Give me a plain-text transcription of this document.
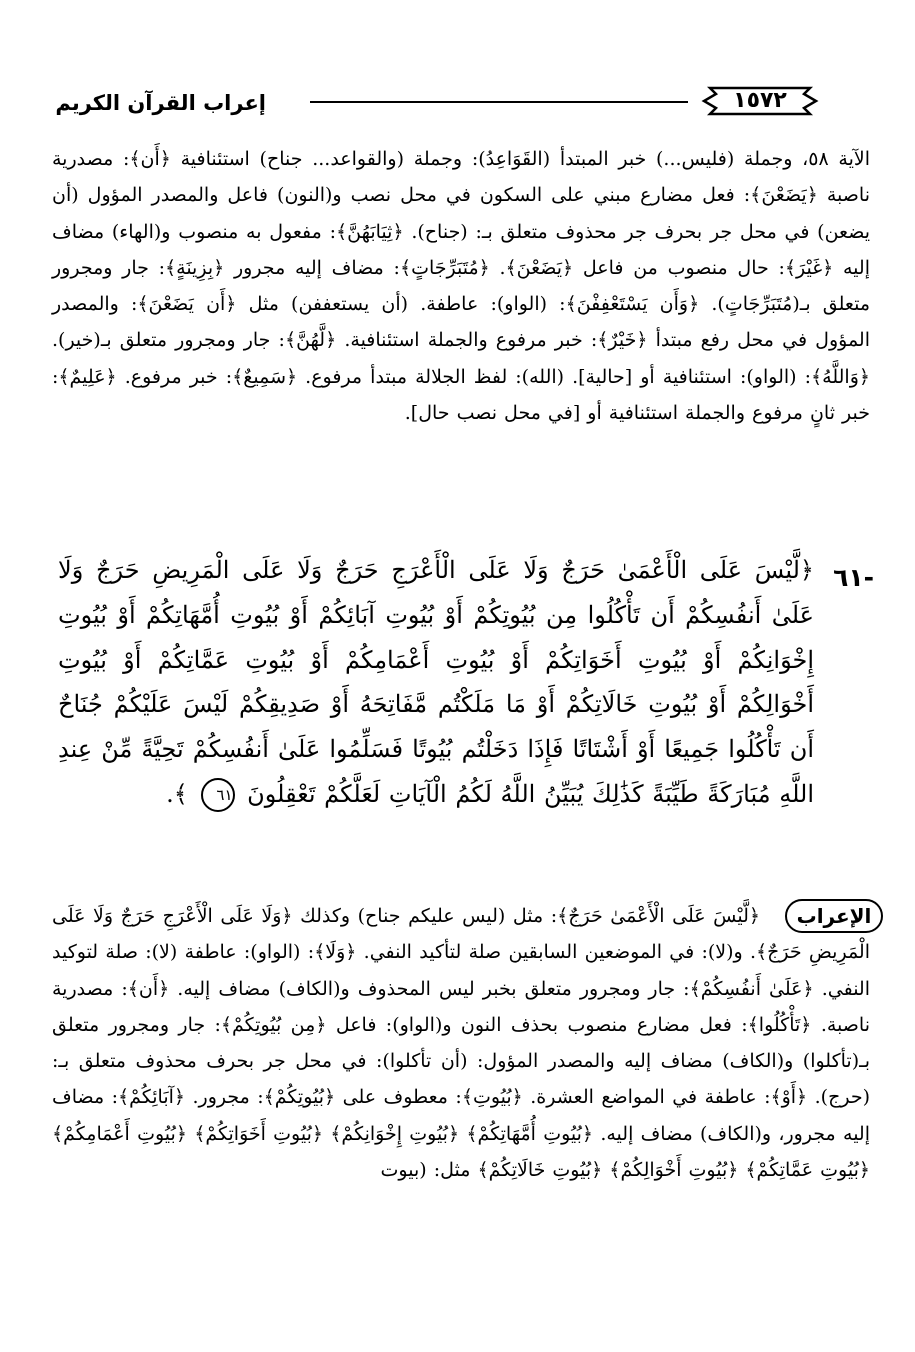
إعراب القرآن الكريم	١٥٧٢

الآية ٥٨، وجملة (فليس...) خبر المبتدأ (القَوَاعِدُ): وجملة (والقواعد... جناح) استئنافية ﴿أَن﴾: مصدرية ناصبة ﴿يَضَعْنَ﴾: فعل مضارع مبني على السكون في محل نصب و(النون) فاعل والمصدر المؤول (أن يضعن) في محل جر بحرف جر محذوف متعلق بـ: (جناح). ﴿ثِيَابَهُنَّ﴾: مفعول به منصوب و(الهاء) مضاف إليه ﴿غَيْرَ﴾: حال منصوب من فاعل ﴿يَضَعْنَ﴾. ﴿مُتَبَرِّجَاتٍ﴾: مضاف إليه مجرور ﴿بِزِينَةٍ﴾: جار ومجرور متعلق بـ(مُتَبَرِّجَاتٍ). ﴿وَأَن يَسْتَعْفِفْنَ﴾: (الواو): عاطفة. (أن يستعففن) مثل ﴿أَن يَضَعْنَ﴾: والمصدر المؤول في محل رفع مبتدأ ﴿خَيْرٌ﴾: خبر مرفوع والجملة استئنافية. ﴿لَّهُنَّ﴾: جار ومجرور متعلق بـ(خير). ﴿وَاللَّهُ﴾: (الواو): استئنافية أو [حالية]. (الله): لفظ الجلالة مبتدأ مرفوع. ﴿سَمِيعٌ﴾: خبر مرفوع. ﴿عَلِيمٌ﴾: خبر ثانٍ مرفوع والجملة استئنافية أو [في محل نصب حال].

٦١-
﴿لَّيْسَ عَلَى الْأَعْمَىٰ حَرَجٌ وَلَا عَلَى الْأَعْرَجِ حَرَجٌ وَلَا عَلَى الْمَرِيضِ حَرَجٌ وَلَا عَلَىٰ أَنفُسِكُمْ أَن تَأْكُلُوا مِن بُيُوتِكُمْ أَوْ بُيُوتِ آبَائِكُمْ أَوْ بُيُوتِ أُمَّهَاتِكُمْ أَوْ بُيُوتِ إِخْوَانِكُمْ أَوْ بُيُوتِ أَخَوَاتِكُمْ أَوْ بُيُوتِ أَعْمَامِكُمْ أَوْ بُيُوتِ عَمَّاتِكُمْ أَوْ بُيُوتِ أَخْوَالِكُمْ أَوْ بُيُوتِ خَالَاتِكُمْ أَوْ مَا مَلَكْتُم مَّفَاتِحَهُ أَوْ صَدِيقِكُمْ لَيْسَ عَلَيْكُمْ جُنَاحٌ أَن تَأْكُلُوا جَمِيعًا أَوْ أَشْتَاتًا فَإِذَا دَخَلْتُم بُيُوتًا فَسَلِّمُوا عَلَىٰ أَنفُسِكُمْ تَحِيَّةً مِّنْ عِندِ اللَّهِ مُبَارَكَةً طَيِّبَةً كَذَٰلِكَ يُبَيِّنُ اللَّهُ لَكُمُ الْآيَاتِ لَعَلَّكُمْ تَعْقِلُونَ ٦١ ﴾.
الإعراب

﴿لَّيْسَ عَلَى الْأَعْمَىٰ حَرَجٌ﴾: مثل (ليس عليكم جناح) وكذلك ﴿وَلَا عَلَى الْأَعْرَجِ حَرَجٌ وَلَا عَلَى الْمَرِيضِ حَرَجٌ﴾. و(لا): في الموضعين السابقين صلة لتأكيد النفي. ﴿وَلَا﴾: (الواو): عاطفة (لا): صلة لتوكيد النفي. ﴿عَلَىٰ أَنفُسِكُمْ﴾: جار ومجرور متعلق بخبر ليس المحذوف و(الكاف) مضاف إليه. ﴿أَن﴾: مصدرية ناصبة. ﴿تَأْكُلُوا﴾: فعل مضارع منصوب بحذف النون و(الواو): فاعل ﴿مِن بُيُوتِكُمْ﴾: جار ومجرور متعلق بـ(تأكلوا) و(الكاف) مضاف إليه والمصدر المؤول: (أن تأكلوا): في محل جر بحرف محذوف متعلق بـ: (حرج). ﴿أَوْ﴾: عاطفة في المواضع العشرة. ﴿بُيُوتِ﴾: معطوف على ﴿بُيُوتِكُمْ﴾: مجرور. ﴿آبَائِكُمْ﴾: مضاف إليه مجرور، و(الكاف) مضاف إليه. ﴿بُيُوتِ أُمَّهَاتِكُمْ﴾ ﴿بُيُوتِ إِخْوَانِكُمْ﴾ ﴿بُيُوتِ أَخَوَاتِكُمْ﴾ ﴿بُيُوتِ أَعْمَامِكُمْ﴾ ﴿بُيُوتِ عَمَّاتِكُمْ﴾ ﴿بُيُوتِ أَخْوَالِكُمْ﴾ ﴿بُيُوتِ خَالَاتِكُمْ﴾ مثل: (بيوت
